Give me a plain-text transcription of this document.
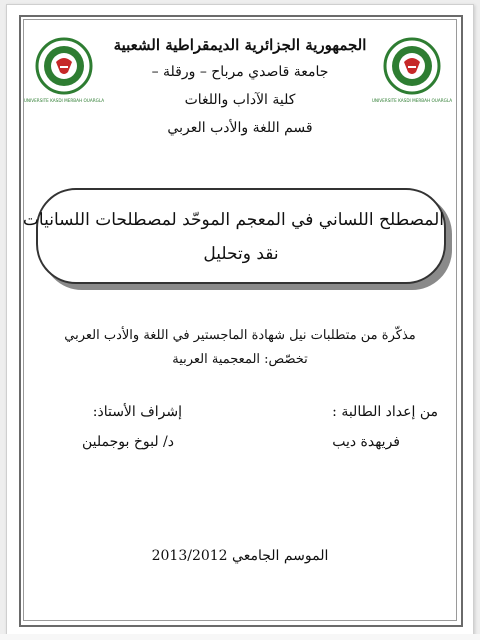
الجمهورية الجزائرية الديمقراطية الشعبية
جامعة قاصدي مرباح – ورقلة –
كلية الآداب واللغات
قسم اللغة والأدب العربي
UNIVERSITE KASDI MERBAH OUARGLA	UNIVERSITE KASDI MERBAH OUARGLA
المصطلح اللساني في المعجم الموحّد لمصطلحات اللسانيات
نقد وتحليل
مذكّرة من متطلبات نيل شهادة الماجستير في اللغة والأدب العربي
تخصّص: المعجمية العربية
من إعداد الطالبة :
إشراف الأستاذ:
فريهدة ديب
د/ لبوخ بوجملين
الموسم الجامعي 2013/2012
